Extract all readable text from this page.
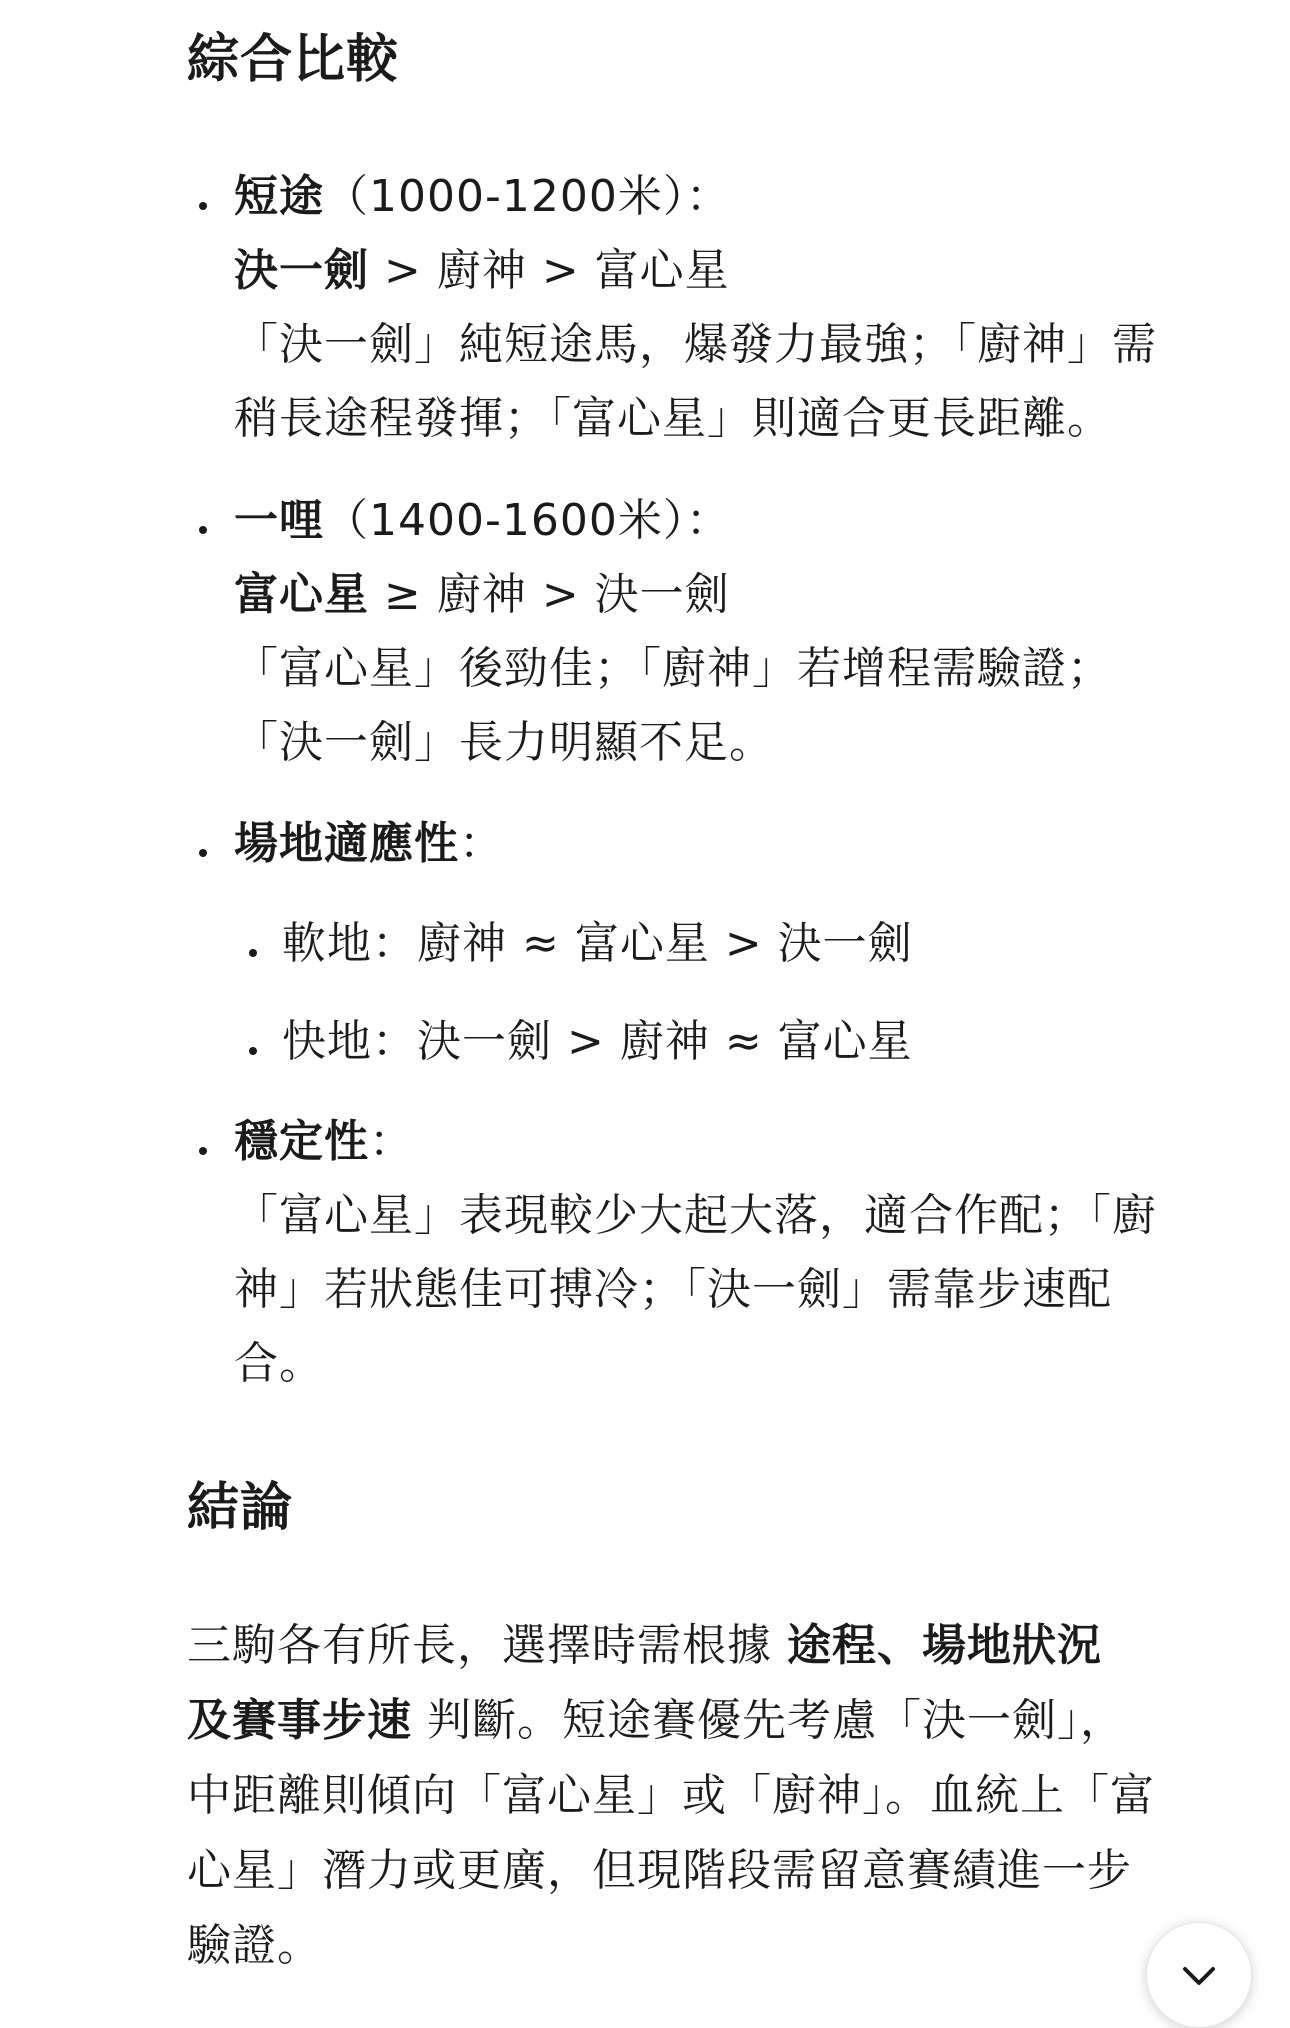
綜合比較
短途（1000-1200米）：
決一劍 > 廚神 > 富心星
「決一劍」純短途馬，爆發力最強；「廚神」需
稍長途程發揮；「富心星」則適合更長距離。
一哩（1400-1600米）：
富心星 ≥ 廚神 > 決一劍
「富心星」後勁佳；「廚神」若增程需驗證；
「決一劍」長力明顯不足。
場地適應性：
軟地：廚神 ≈ 富心星 > 決一劍
快地：決一劍 > 廚神 ≈ 富心星
穩定性：
「富心星」表現較少大起大落，適合作配；「廚
神」若狀態佳可搏冷；「決一劍」需靠步速配
合。
結論
三駒各有所長，選擇時需根據 途程、場地狀況
及賽事步速 判斷。短途賽優先考慮「決一劍」，
中距離則傾向「富心星」或「廚神」。血統上「富
心星」潛力或更廣，但現階段需留意賽績進一步
驗證。
